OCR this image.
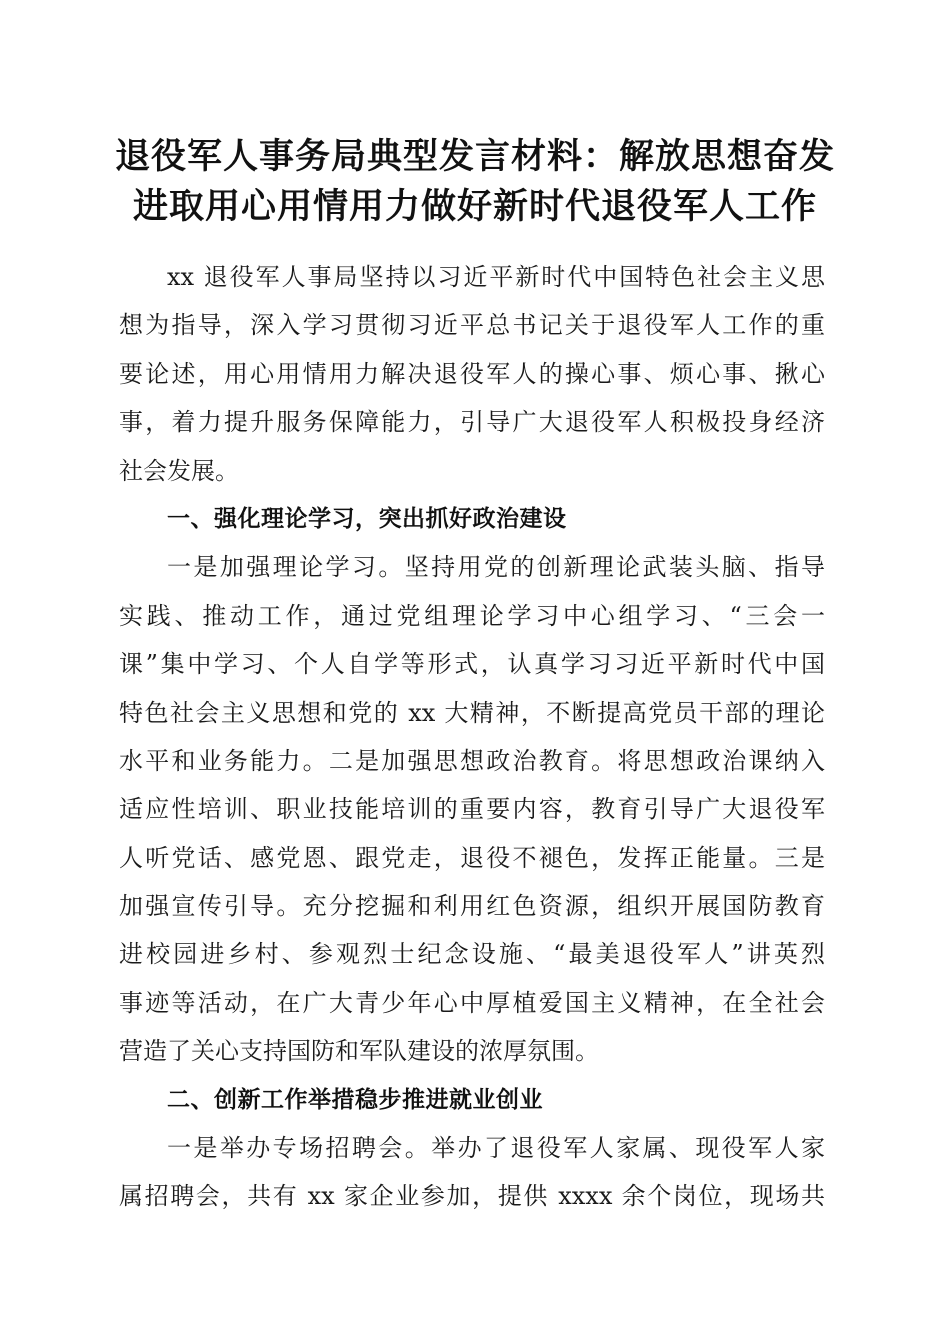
退役军人事务局典型发言材料：解放思想奋发
进取用心用情用力做好新时代退役军人工作
xx 退役军人事局坚持以习近平新时代中国特色社会主义思
想为指导，深入学习贯彻习近平总书记关于退役军人工作的重
要论述，用心用情用力解决退役军人的操心事、烦心事、揪心
事，着力提升服务保障能力，引导广大退役军人积极投身经济
社会发展。
一、强化理论学习，突出抓好政治建设
一是加强理论学习。坚持用党的创新理论武装头脑、指导
实践、推动工作，通过党组理论学习中心组学习、“三会一
课”集中学习、个人自学等形式，认真学习习近平新时代中国
特色社会主义思想和党的 xx 大精神，不断提高党员干部的理论
水平和业务能力。二是加强思想政治教育。将思想政治课纳入
适应性培训、职业技能培训的重要内容，教育引导广大退役军
人听党话、感党恩、跟党走，退役不褪色，发挥正能量。三是
加强宣传引导。充分挖掘和利用红色资源，组织开展国防教育
进校园进乡村、参观烈士纪念设施、“最美退役军人”讲英烈
事迹等活动，在广大青少年心中厚植爱国主义精神，在全社会
营造了关心支持国防和军队建设的浓厚氛围。
二、创新工作举措稳步推进就业创业
一是举办专场招聘会。举办了退役军人家属、现役军人家
属招聘会，共有 xx 家企业参加，提供 xxxx 余个岗位，现场共
